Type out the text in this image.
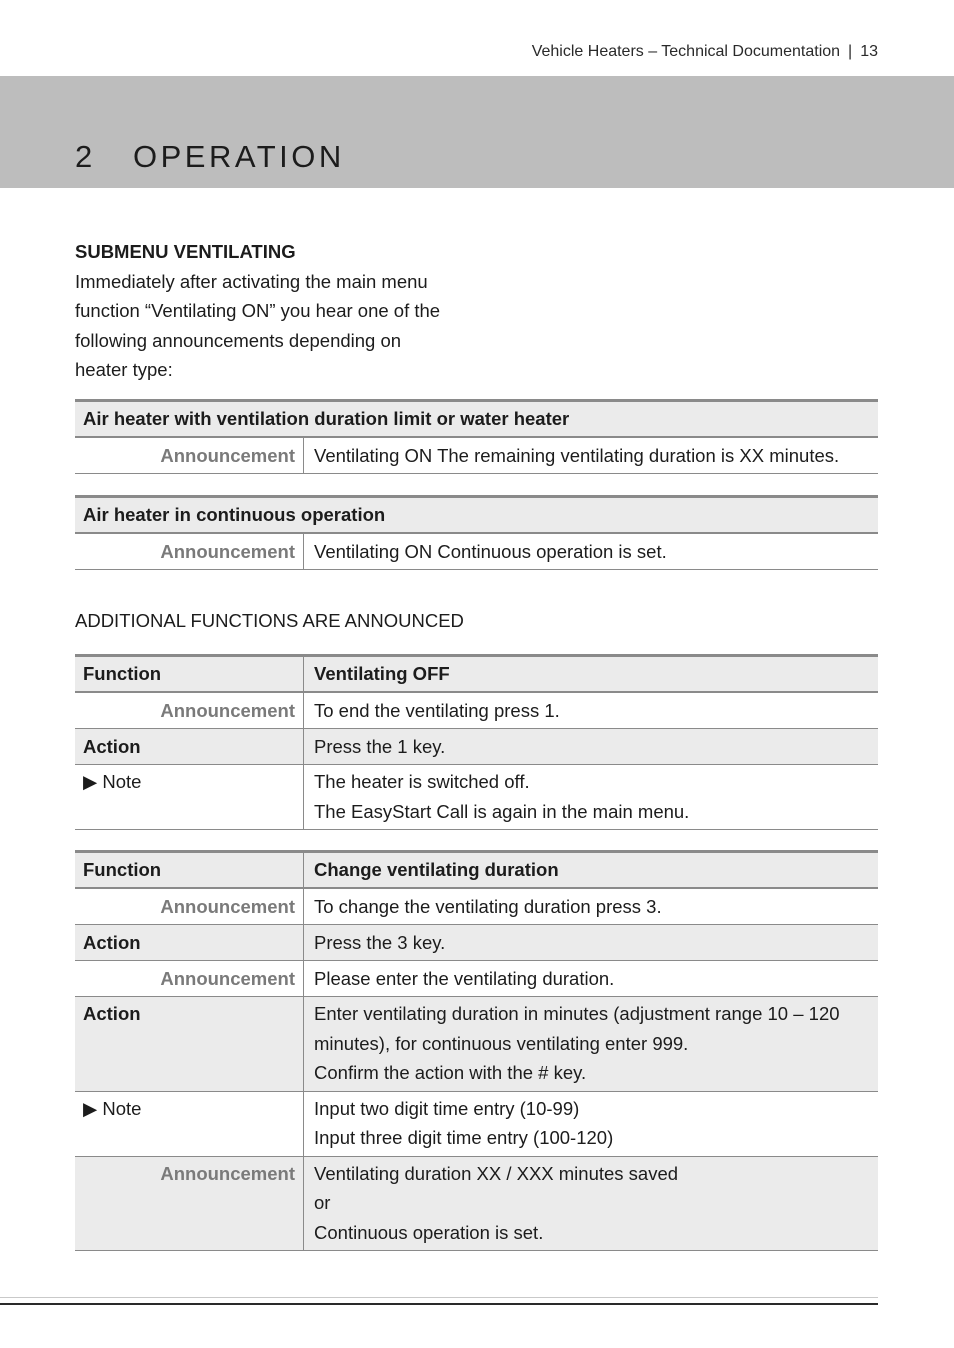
Vehicle Heaters – Technical Documentation | 13
2 OPERATION
SUBMENU VENTILATING
Immediately after activating the main menu function “Ventilating ON” you hear one of the following announcements depending on heater type:
Air heater with ventilation duration limit or water heater
Announcement	Ventilating ON The remaining ventilating duration is XX minutes.
Air heater in continuous operation
Announcement	Ventilating ON Continuous operation is set.
ADDITIONAL FUNCTIONS ARE ANNOUNCED
Function	Ventilating OFF
Announcement	To end the ventilating press 1.
Action	Press the 1 key.
▶ Note	The heater is switched off.
The EasyStart Call is again in the main menu.
Function	Change ventilating duration
Announcement	To change the ventilating duration press 3.
Action	Press the 3 key.
Announcement	Please enter the ventilating duration.
Action	Enter ventilating duration in minutes (adjustment range 10 – 120
minutes), for continuous ventilating enter 999.
Confirm the action with the # key.

▶ Note	Input two digit time entry (10-99)
Input three digit time entry (100-120)

Announcement	Ventilating duration XX / XXX minutes saved
or
Continuous operation is set.
